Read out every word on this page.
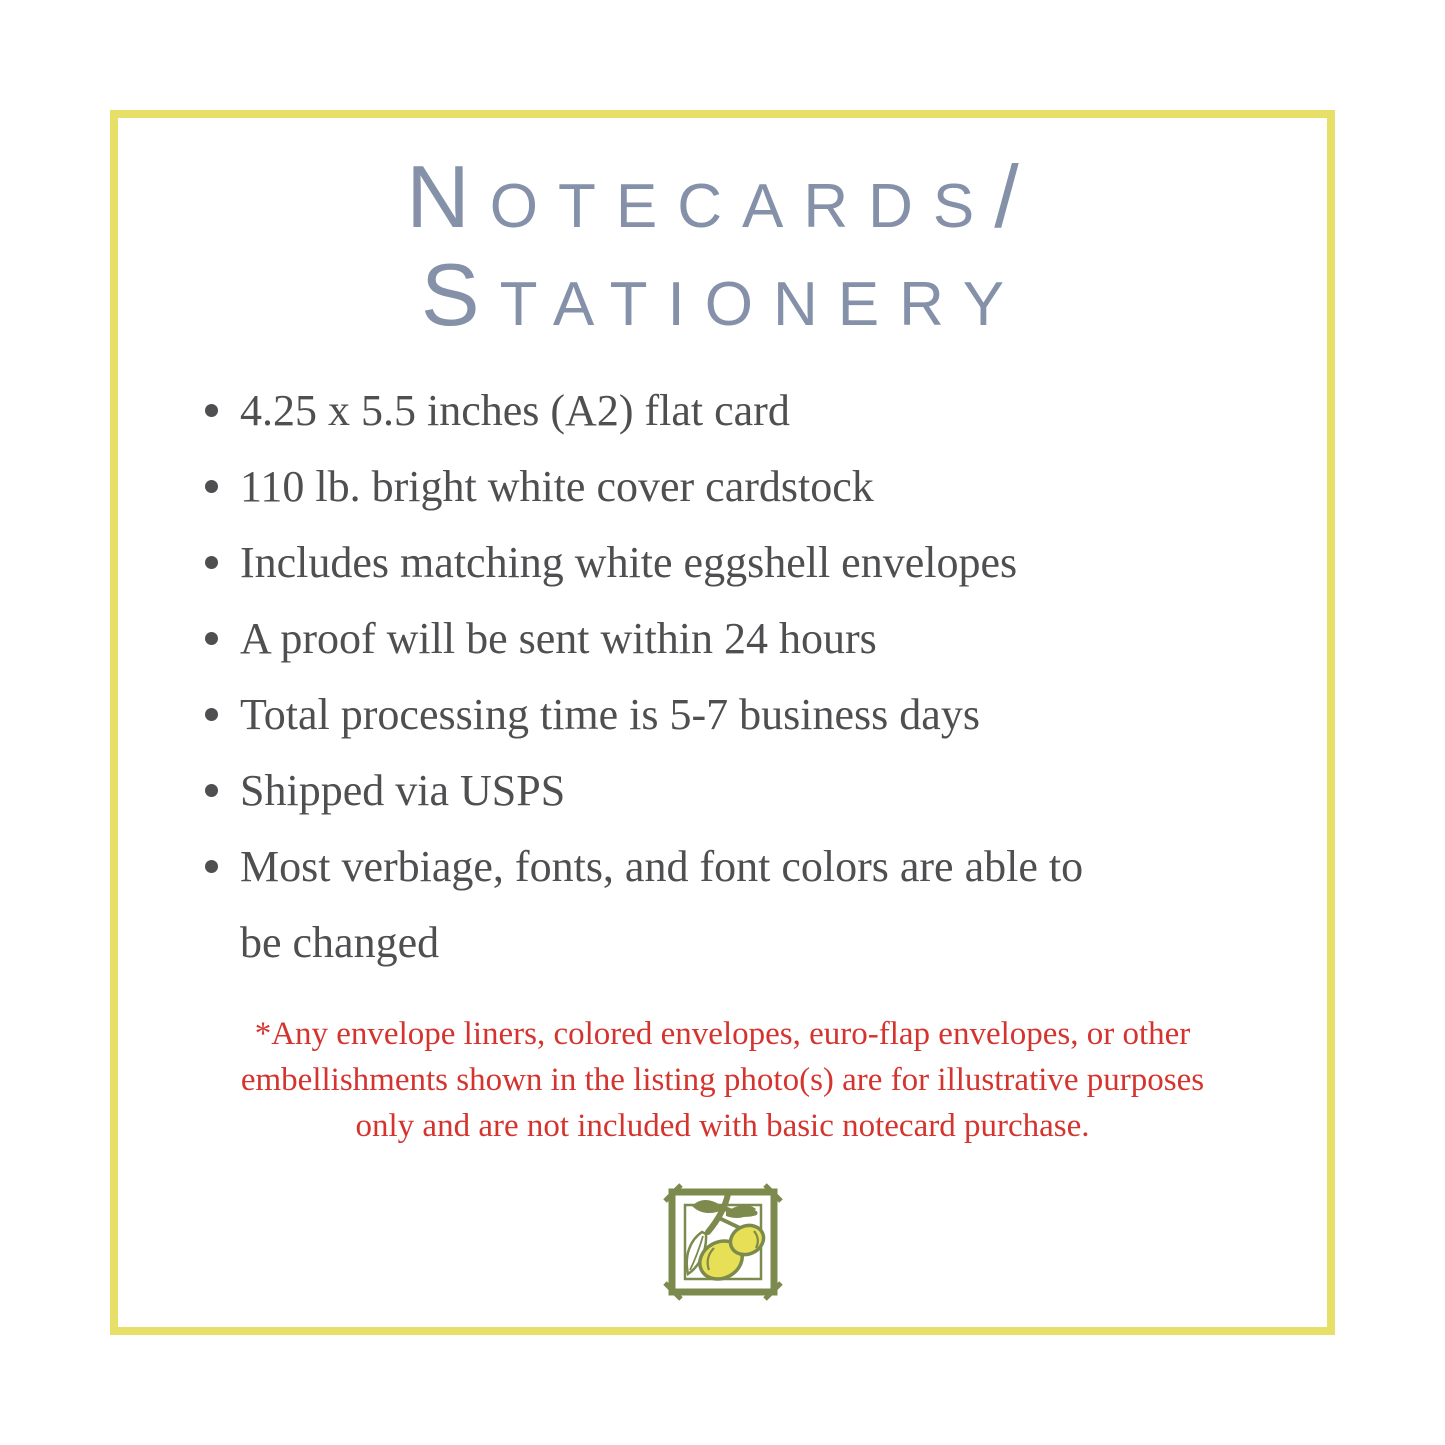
Notecards/
Stationery
4.25 x 5.5 inches (A2) flat card
110 lb. bright white cover cardstock
Includes matching white eggshell envelopes
A proof will be sent within 24 hours
Total processing time is 5-7 business days
Shipped via USPS
Most verbiage, fonts, and font colors are able to
be changed

*Any envelope liners, colored envelopes, euro-flap envelopes, or other
embellishments shown in the listing photo(s) are for illustrative purposes
only and are not included with basic notecard purchase.
